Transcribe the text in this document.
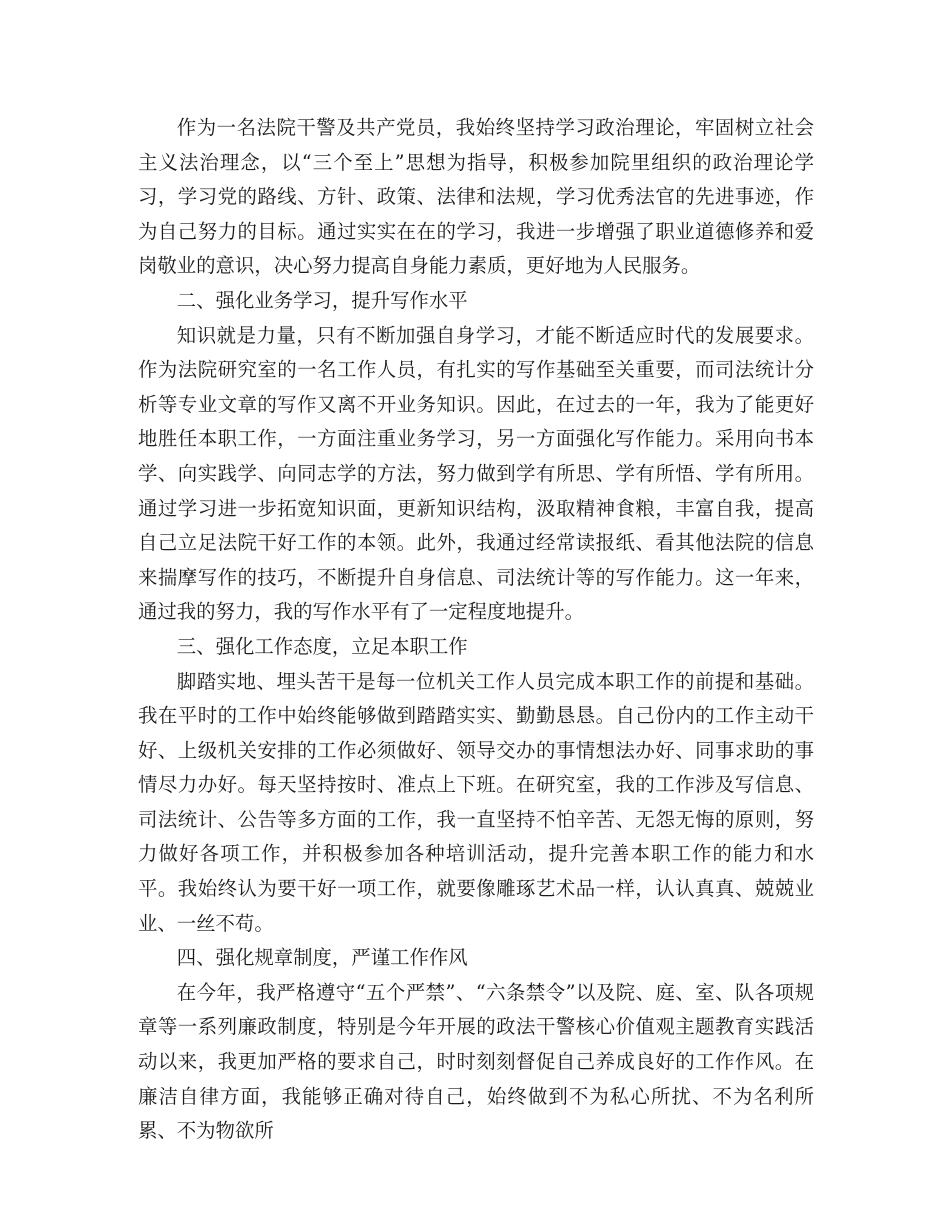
作为一名法院干警及共产党员，我始终坚持学习政治理论，牢固树立社会主义法治理念，以“三个至上”思想为指导，积极参加院里组织的政治理论学习，学习党的路线、方针、政策、法律和法规，学习优秀法官的先进事迹，作为自己努力的目标。通过实实在在的学习，我进一步增强了职业道德修养和爱岗敬业的意识，决心努力提高自身能力素质，更好地为人民服务。

二、强化业务学习，提升写作水平

知识就是力量，只有不断加强自身学习，才能不断适应时代的发展要求。作为法院研究室的一名工作人员，有扎实的写作基础至关重要，而司法统计分析等专业文章的写作又离不开业务知识。因此，在过去的一年，我为了能更好地胜任本职工作，一方面注重业务学习，另一方面强化写作能力。采用向书本学、向实践学、向同志学的方法，努力做到学有所思、学有所悟、学有所用。通过学习进一步拓宽知识面，更新知识结构，汲取精神食粮，丰富自我，提高自己立足法院干好工作的本领。此外，我通过经常读报纸、看其他法院的信息来揣摩写作的技巧，不断提升自身信息、司法统计等的写作能力。这一年来，通过我的努力，我的写作水平有了一定程度地提升。

三、强化工作态度，立足本职工作

脚踏实地、埋头苦干是每一位机关工作人员完成本职工作的前提和基础。我在平时的工作中始终能够做到踏踏实实、勤勤恳恳。自己份内的工作主动干好、上级机关安排的工作必须做好、领导交办的事情想法办好、同事求助的事情尽力办好。每天坚持按时、准点上下班。在研究室，我的工作涉及写信息、司法统计、公告等多方面的工作，我一直坚持不怕辛苦、无怨无悔的原则，努力做好各项工作，并积极参加各种培训活动，提升完善本职工作的能力和水平。我始终认为要干好一项工作，就要像雕琢艺术品一样，认认真真、兢兢业业、一丝不苟。

四、强化规章制度，严谨工作作风

在今年，我严格遵守“五个严禁”、“六条禁令”以及院、庭、室、队各项规章等一系列廉政制度，特别是今年开展的政法干警核心价值观主题教育实践活动以来，我更加严格的要求自己，时时刻刻督促自己养成良好的工作作风。在廉洁自律方面，我能够正确对待自己，始终做到不为私心所扰、不为名利所累、不为物欲所
